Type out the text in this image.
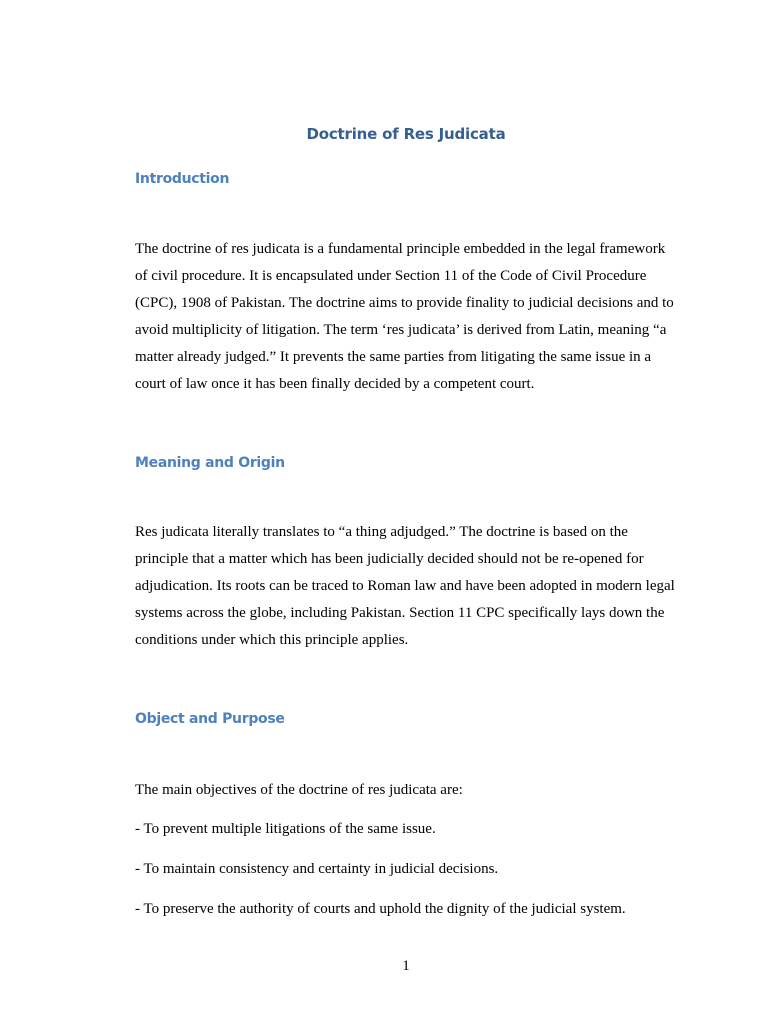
Doctrine of Res Judicata
Introduction

The doctrine of res judicata is a fundamental principle embedded in the legal framework of civil procedure. It is encapsulated under Section 11 of the Code of Civil Procedure (CPC), 1908 of Pakistan. The doctrine aims to provide finality to judicial decisions and to avoid multiplicity of litigation. The term ‘res judicata’ is derived from Latin, meaning “a matter already judged.” It prevents the same parties from litigating the same issue in a court of law once it has been finally decided by a competent court.

Meaning and Origin

Res judicata literally translates to “a thing adjudged.” The doctrine is based on the principle that a matter which has been judicially decided should not be re-opened for adjudication. Its roots can be traced to Roman law and have been adopted in modern legal systems across the globe, including Pakistan. Section 11 CPC specifically lays down the conditions under which this principle applies.

Object and Purpose

The main objectives of the doctrine of res judicata are:

- To prevent multiple litigations of the same issue.

- To maintain consistency and certainty in judicial decisions.

- To preserve the authority of courts and uphold the dignity of the judicial system.

1
